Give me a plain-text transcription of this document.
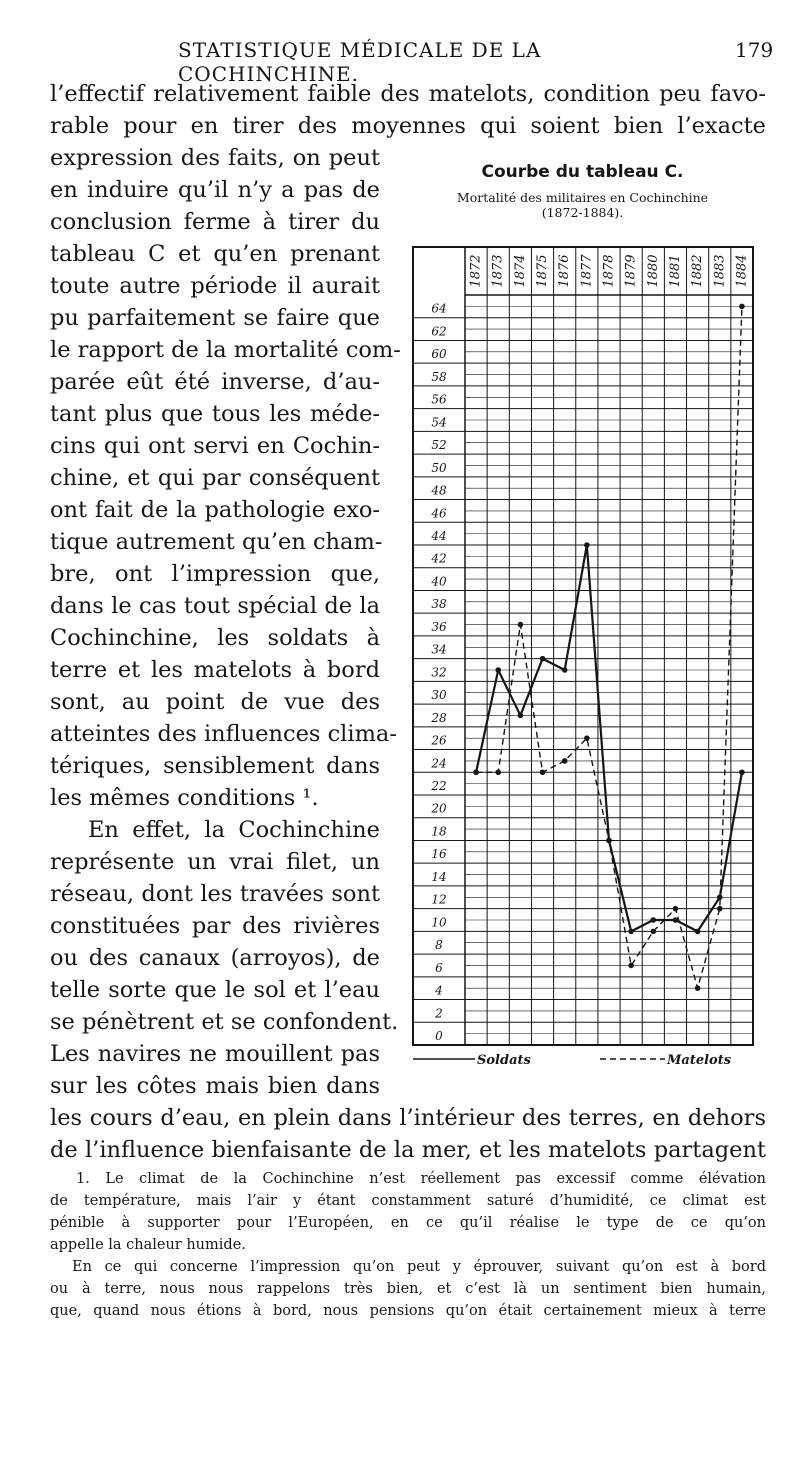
STATISTIQUE MÉDICALE DE LA COCHINCHINE.
179
l’effectif relativement faible des matelots, condition peu favo-
rable pour en tirer des moyennes qui soient bien l’exacte
expression des faits, on peut
en induire qu’il n’y a pas de
conclusion ferme à tirer du
tableau C et qu’en prenant
toute autre période il aurait
pu parfaitement se faire que
le rapport de la mortalité com-
parée eût été inverse, d’au-
tant plus que tous les méde-
cins qui ont servi en Cochin-
chine, et qui par conséquent
ont fait de la pathologie exo-
tique autrement qu’en cham-
bre, ont l’impression que,
dans le cas tout spécial de la
Cochinchine, les soldats à
terre et les matelots à bord
sont, au point de vue des
atteintes des influences clima-
tériques, sensiblement dans
les mêmes conditions ¹.
En effet, la Cochinchine
représente un vrai filet, un
réseau, dont les travées sont
constituées par des rivières
ou des canaux (arroyos), de
telle sorte que le sol et l’eau
se pénètrent et se confondent.
Les navires ne mouillent pas
sur les côtes mais bien dans
les cours d’eau, en plein dans l’intérieur des terres, en dehors
de l’influence bienfaisante de la mer, et les matelots partagent
Courbe du tableau C.
Mortalité des militaires en Cochinchine
(1872-1884).
1872 1873 1874 1875 1876 1877 1878 1879 1880 1881 1882 1883 1884
64
62
60
58
56
54
52
50
48
46
44
42
40
38
36
34
32
30
28
26
24
22
20
18
16
14
12
10
8
6
4
2
0
Soldats	Matelots
1. Le climat de la Cochinchine n’est réellement pas excessif comme élévation
de température, mais l’air y étant constamment saturé d’humidité, ce climat est
pénible à supporter pour l’Européen, en ce qu’il réalise le type de ce qu’on
appelle la chaleur humide.
En ce qui concerne l’impression qu’on peut y éprouver, suivant qu’on est à bord
ou à terre, nous nous rappelons très bien, et c’est là un sentiment bien humain,
que, quand nous étions à bord, nous pensions qu’on était certainement mieux à terre
